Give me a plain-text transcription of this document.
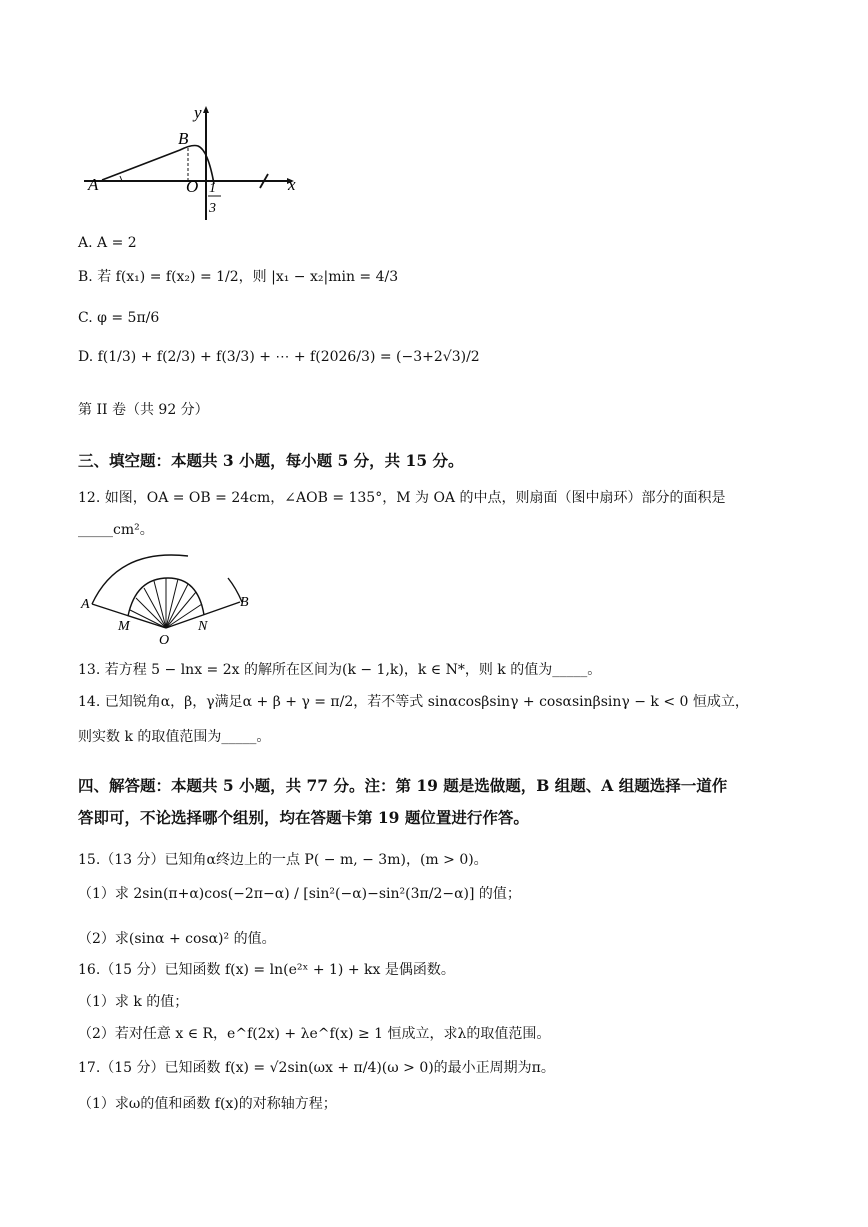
y
B
A	O	x
1
3
A. A = 2
B. 若 f(x₁) = f(x₂) = 1/2，则 |x₁ − x₂|min = 4/3
C. φ = 5π/6
D. f(1/3) + f(2/3) + f(3/3) + ⋯ + f(2026/3) = (−3+2√3)/2
第 II 卷（共 92 分）
三、填空题：本题共 3 小题，每小题 5 分，共 15 分。
12. 如图，OA = OB = 24cm，∠AOB = 135°，M 为 OA 的中点，则扇面（图中扇环）部分的面积是
_____cm²。
A	B
M
O
N
13. 若方程 5 − lnx = 2x 的解所在区间为(k − 1,k)，k ∈ N*，则 k 的值为_____。
14. 已知锐角α，β，γ满足α + β + γ = π/2，若不等式 sinαcosβsinγ + cosαsinβsinγ − k < 0 恒成立，
则实数 k 的取值范围为_____。
四、解答题：本题共 5 小题，共 77 分。注：第 19 题是选做题，B 组题、A 组题选择一道作
答即可，不论选择哪个组别，均在答题卡第 19 题位置进行作答。
15.（13 分）已知角α终边上的一点 P( − m, − 3m)，(m > 0)。
（1）求 2sin(π+α)cos(−2π−α) / [sin²(−α)−sin²(3π/2−α)] 的值；
（2）求(sinα + cosα)² 的值。
16.（15 分）已知函数 f(x) = ln(e²ˣ + 1) + kx 是偶函数。
（1）求 k 的值；
（2）若对任意 x ∈ R，e^f(2x) + λe^f(x) ≥ 1 恒成立，求λ的取值范围。
17.（15 分）已知函数 f(x) = √2sin(ωx + π/4)(ω > 0)的最小正周期为π。
（1）求ω的值和函数 f(x)的对称轴方程；
